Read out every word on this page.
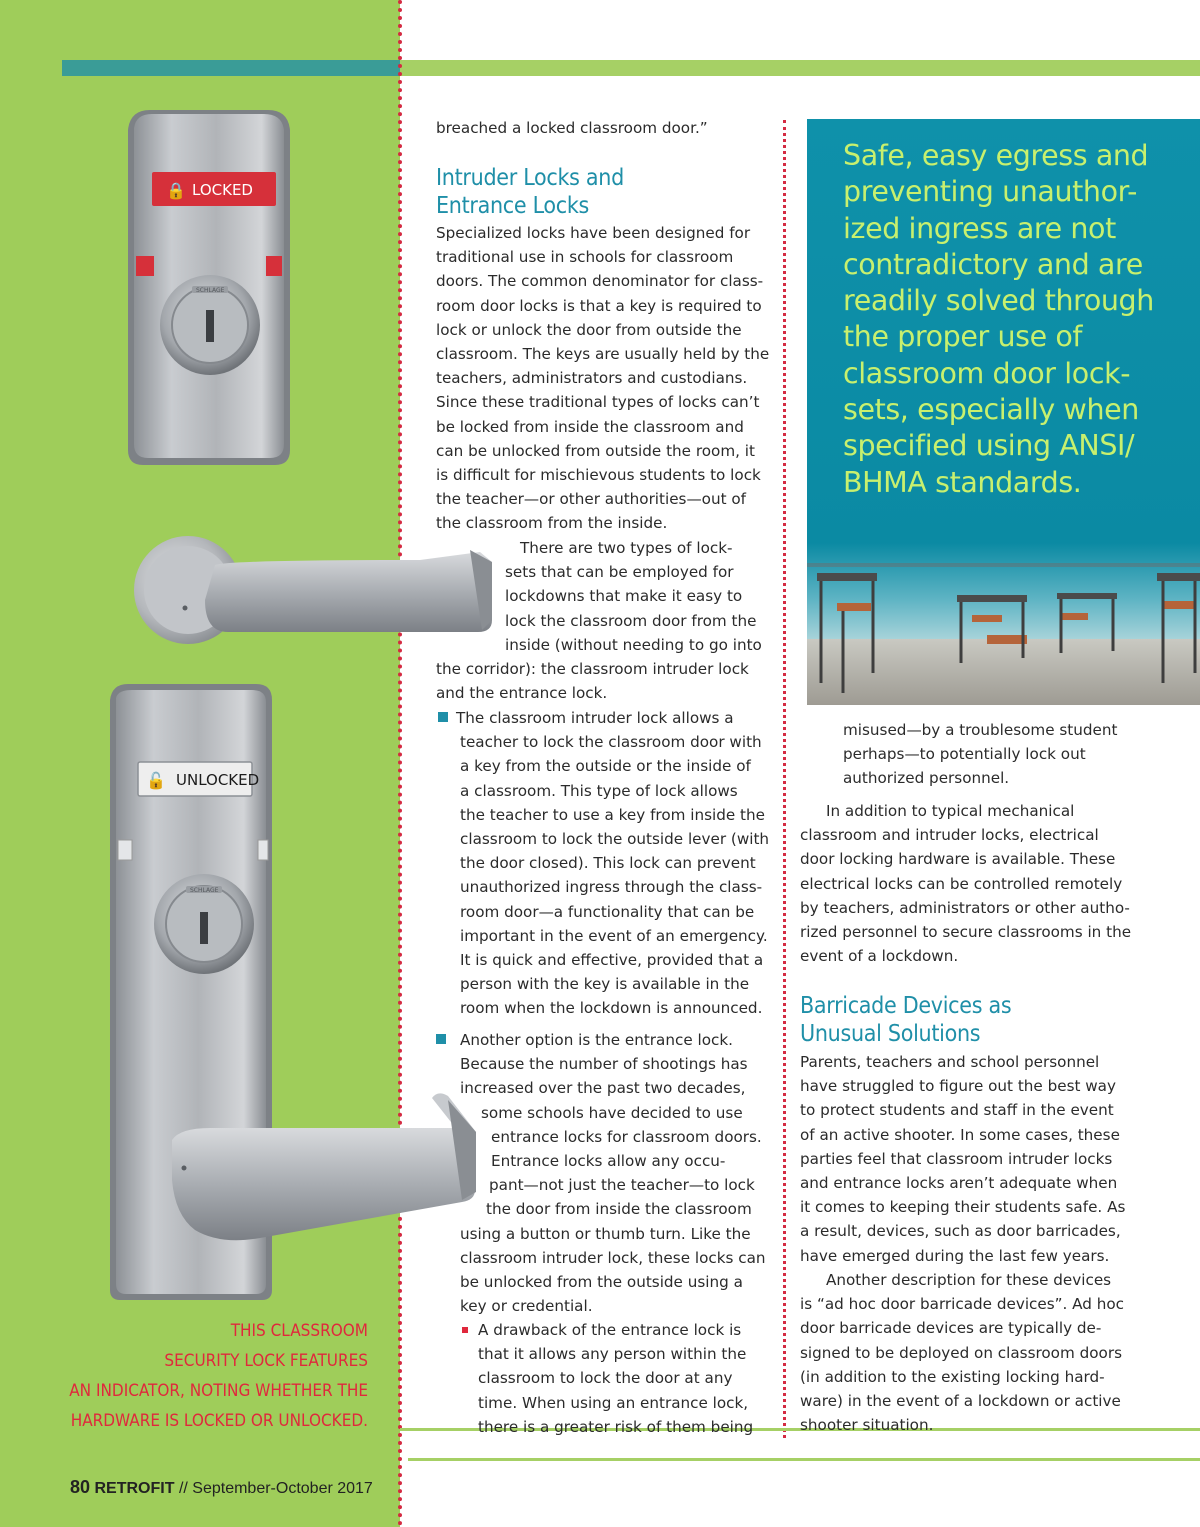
🔒 LOCKED
SCHLAGE
🔓 UNLOCKED
SCHLAGE
THIS CLASSROOM
SECURITY LOCK FEATURES
AN INDICATOR, NOTING WHETHER THE
HARDWARE IS LOCKED OR UNLOCKED.
80 RETROFIT // September-October 2017
breached a locked classroom door.”
Intruder Locks and
Entrance Locks
Specialized locks have been designed for
traditional use in schools for classroom
doors. The common denominator for class-
room door locks is that a key is required to
lock or unlock the door from outside the
classroom. The keys are usually held by the
teachers, administrators and custodians.
Since these traditional types of locks can’t
be locked from inside the classroom and
can be unlocked from outside the room, it
is difficult for mischievous students to lock
the teacher—or other authorities—out of
the classroom from the inside.
There are two types of lock-
sets that can be employed for
lockdowns that make it easy to
lock the classroom door from the
inside (without needing to go into
the corridor): the classroom intruder lock
and the entrance lock.
The classroom intruder lock allows a
teacher to lock the classroom door with
a key from the outside or the inside of
a classroom. This type of lock allows
the teacher to use a key from inside the
classroom to lock the outside lever (with
the door closed). This lock can prevent
unauthorized ingress through the class-
room door—a functionality that can be
important in the event of an emergency.
It is quick and effective, provided that a
person with the key is available in the
room when the lockdown is announced.
Another option is the entrance lock.
Because the number of shootings has
increased over the past two decades,
some schools have decided to use
entrance locks for classroom doors.
Entrance locks allow any occu-
pant—not just the teacher—to lock
the door from inside the classroom
using a button or thumb turn. Like the
classroom intruder lock, these locks can
be unlocked from the outside using a
key or credential.
A drawback of the entrance lock is
that it allows any person within the
classroom to lock the door at any
time. When using an entrance lock,
there is a greater risk of them being
Safe, easy egress and
preventing unauthor-
ized ingress are not
contradictory and are
readily solved through
the proper use of
classroom door lock-
sets, especially when
specified using ANSI/
BHMA standards.
misused—by a troublesome student
perhaps—to potentially lock out
authorized personnel.
In addition to typical mechanical
classroom and intruder locks, electrical
door locking hardware is available. These
electrical locks can be controlled remotely
by teachers, administrators or other autho-
rized personnel to secure classrooms in the
event of a lockdown.
Barricade Devices as
Unusual Solutions
Parents, teachers and school personnel
have struggled to figure out the best way
to protect students and staff in the event
of an active shooter. In some cases, these
parties feel that classroom intruder locks
and entrance locks aren’t adequate when
it comes to keeping their students safe. As
a result, devices, such as door barricades,
have emerged during the last few years.
Another description for these devices
is “ad hoc door barricade devices”. Ad hoc
door barricade devices are typically de-
signed to be deployed on classroom doors
(in addition to the existing locking hard-
ware) in the event of a lockdown or active
shooter situation.
